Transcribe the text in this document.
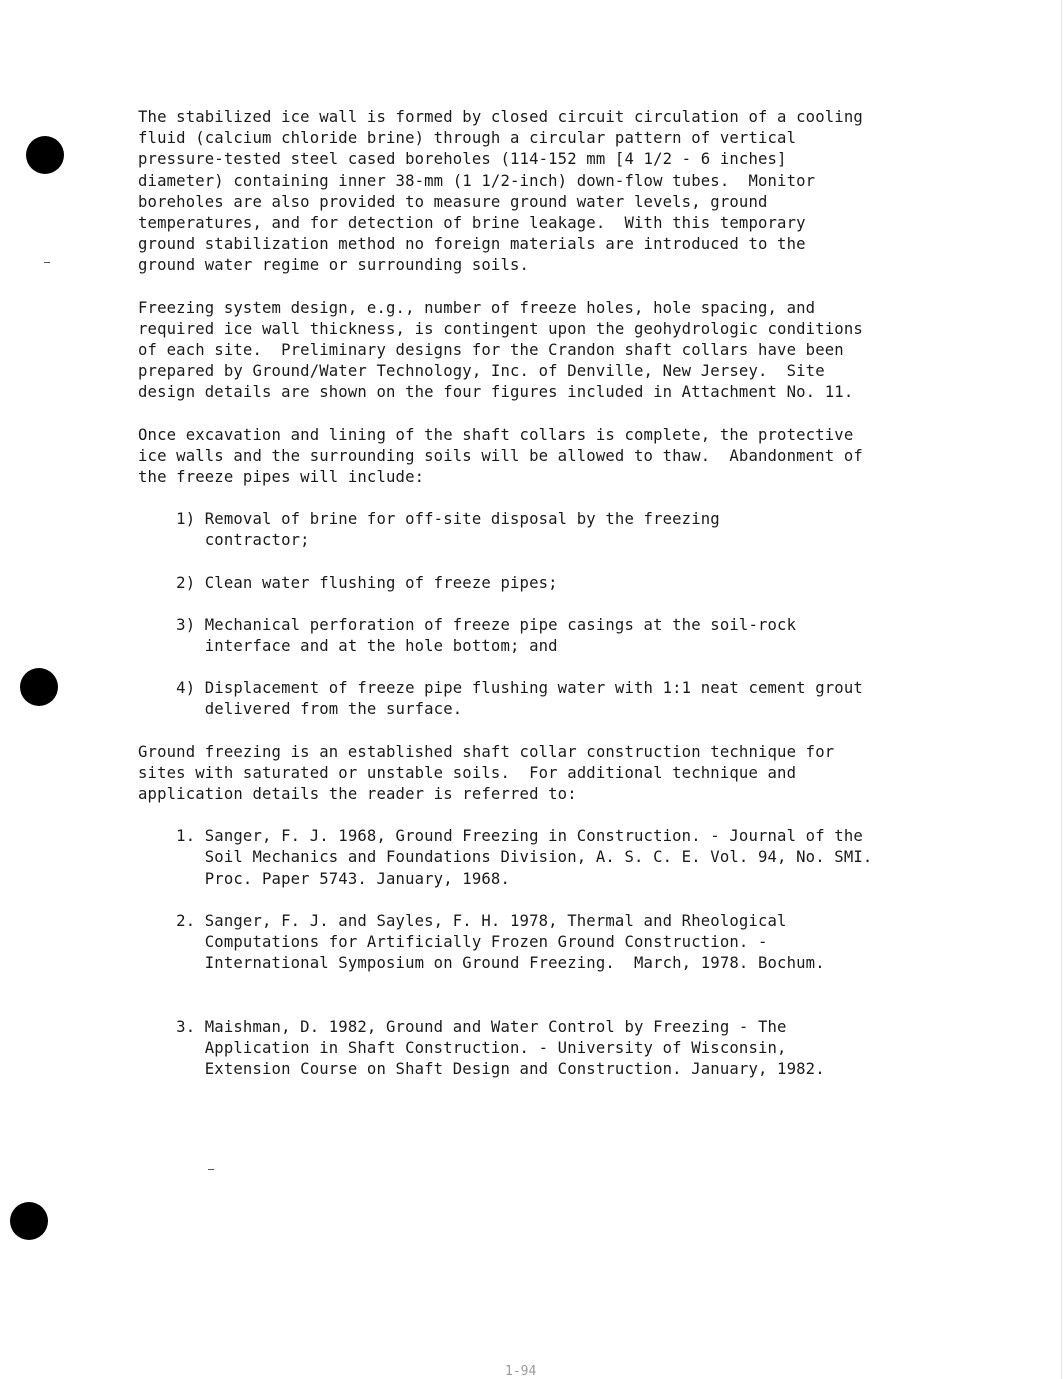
The stabilized ice wall is formed by closed circuit circulation of a cooling
fluid (calcium chloride brine) through a circular pattern of vertical
pressure-tested steel cased boreholes (114-152 mm [4 1/2 - 6 inches]
diameter) containing inner 38-mm (1 1/2-inch) down-flow tubes.  Monitor
boreholes are also provided to measure ground water levels, ground
temperatures, and for detection of brine leakage.  With this temporary
ground stabilization method no foreign materials are introduced to the
ground water regime or surrounding soils.
Freezing system design, e.g., number of freeze holes, hole spacing, and
required ice wall thickness, is contingent upon the geohydrologic conditions
of each site.  Preliminary designs for the Crandon shaft collars have been
prepared by Ground/Water Technology, Inc. of Denville, New Jersey.  Site
design details are shown on the four figures included in Attachment No. 11.
Once excavation and lining of the shaft collars is complete, the protective
ice walls and the surrounding soils will be allowed to thaw.  Abandonment of
the freeze pipes will include:
1) Removal of brine for off-site disposal by the freezing
contractor;
2) Clean water flushing of freeze pipes;
3) Mechanical perforation of freeze pipe casings at the soil-rock
interface and at the hole bottom; and
4) Displacement of freeze pipe flushing water with 1:1 neat cement grout
delivered from the surface.
Ground freezing is an established shaft collar construction technique for
sites with saturated or unstable soils.  For additional technique and
application details the reader is referred to:
1. Sanger, F. J. 1968, Ground Freezing in Construction. - Journal of the
Soil Mechanics and Foundations Division, A. S. C. E. Vol. 94, No. SMI.
Proc. Paper 5743. January, 1968.
2. Sanger, F. J. and Sayles, F. H. 1978, Thermal and Rheological
Computations for Artificially Frozen Ground Construction. -
International Symposium on Ground Freezing.  March, 1978. Bochum.
3. Maishman, D. 1982, Ground and Water Control by Freezing - The
Application in Shaft Construction. - University of Wisconsin,
Extension Course on Shaft Design and Construction. January, 1982.
1-94
